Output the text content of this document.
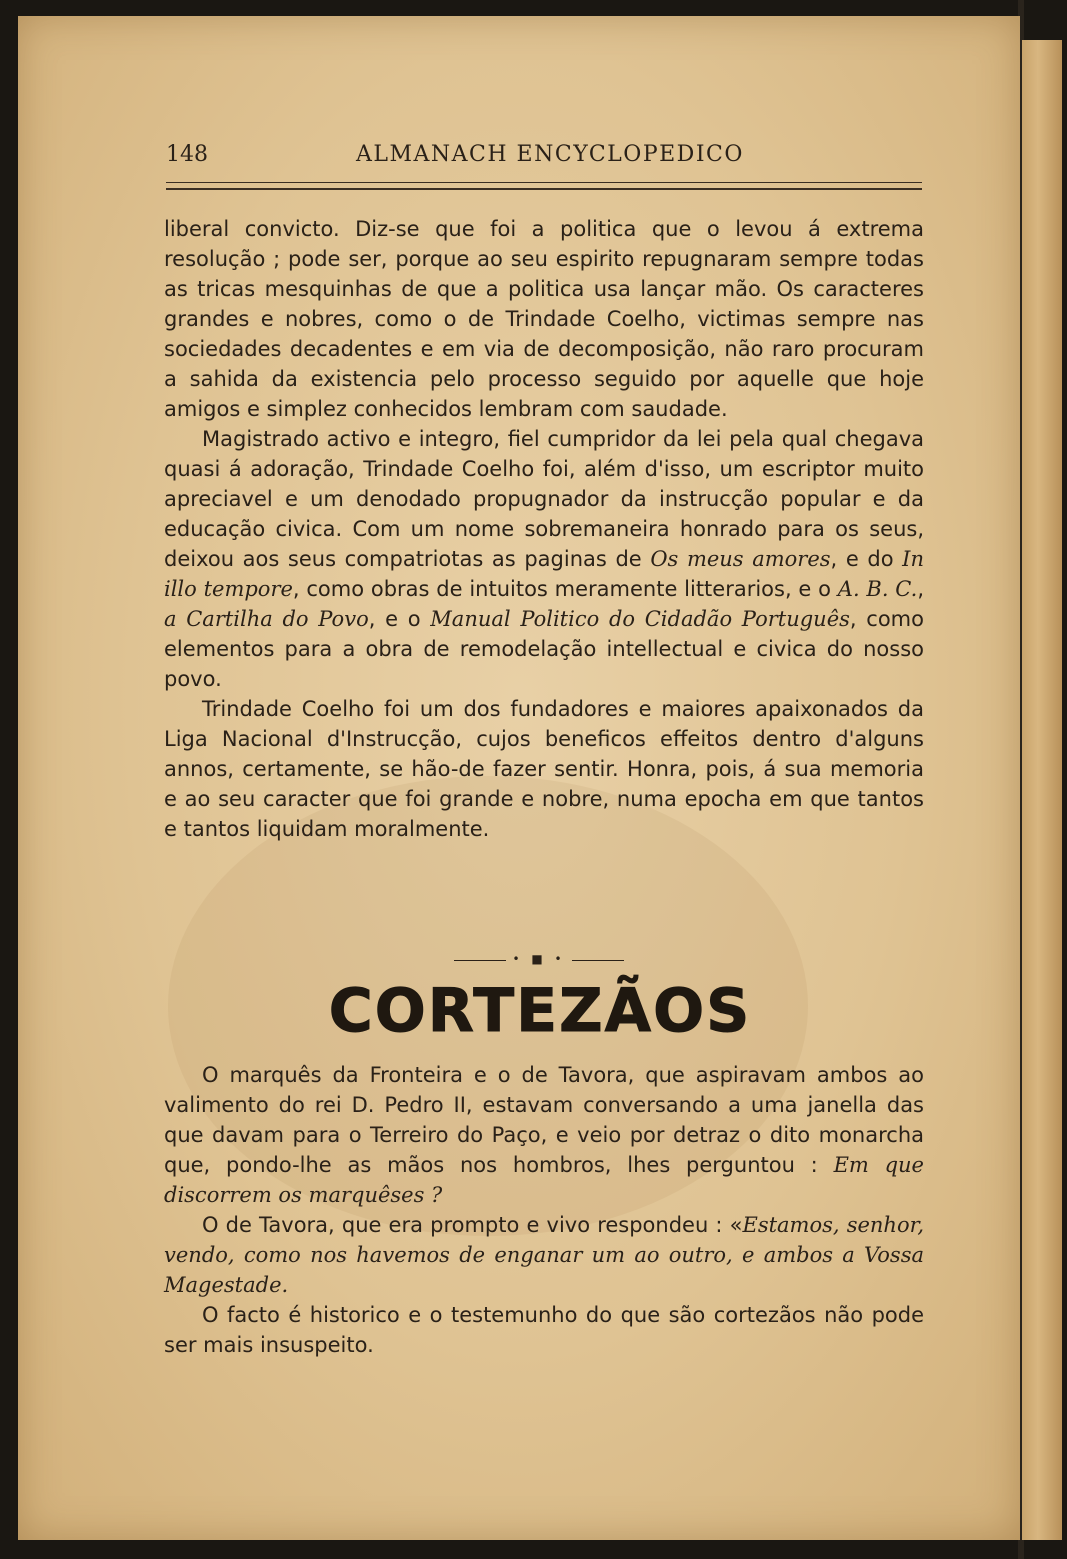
148	ALMANACH ENCYCLOPEDICO

liberal convicto. Diz-se que foi a politica que o levou á extrema resolução ; pode ser, porque ao seu espirito repugnaram sempre todas as tricas mesquinhas de que a politica usa lançar mão. Os caracteres grandes e nobres, como o de Trindade Coelho, victimas sempre nas sociedades decadentes e em via de decomposição, não raro procuram a sahida da existencia pelo processo seguido por aquelle que hoje amigos e simplez conhecidos lembram com saudade.

Magistrado activo e integro, fiel cumpridor da lei pela qual chegava quasi á adoração, Trindade Coelho foi, além d'isso, um escriptor muito apreciavel e um denodado propugnador da instrucção popular e da educação civica. Com um nome sobremaneira honrado para os seus, deixou aos seus compatriotas as paginas de Os meus amores, e do In illo tempore, como obras de intuitos meramente litterarios, e o A. B. C., a Cartilha do Povo, e o Manual Politico do Cidadão Português, como elementos para a obra de remodelação intellectual e civica do nosso povo.

Trindade Coelho foi um dos fundadores e maiores apaixonados da Liga Nacional d'Instrucção, cujos beneficos effeitos dentro d'alguns annos, certamente, se hão-de fazer sentir. Honra, pois, á sua memoria e ao seu caracter que foi grande e nobre, numa epocha em que tantos e tantos liquidam moralmente.

• ■ •
CORTEZÃOS

O marquês da Fronteira e o de Tavora, que aspiravam ambos ao valimento do rei D. Pedro II, estavam conversando a uma janella das que davam para o Terreiro do Paço, e veio por detraz o dito monarcha que, pondo-lhe as mãos nos hombros, lhes perguntou : Em que discorrem os marquêses ?

O de Tavora, que era prompto e vivo respondeu : «Estamos, senhor, vendo, como nos havemos de enganar um ao outro, e ambos a Vossa Magestade.

O facto é historico e o testemunho do que são cortezãos não pode ser mais insuspeito.
